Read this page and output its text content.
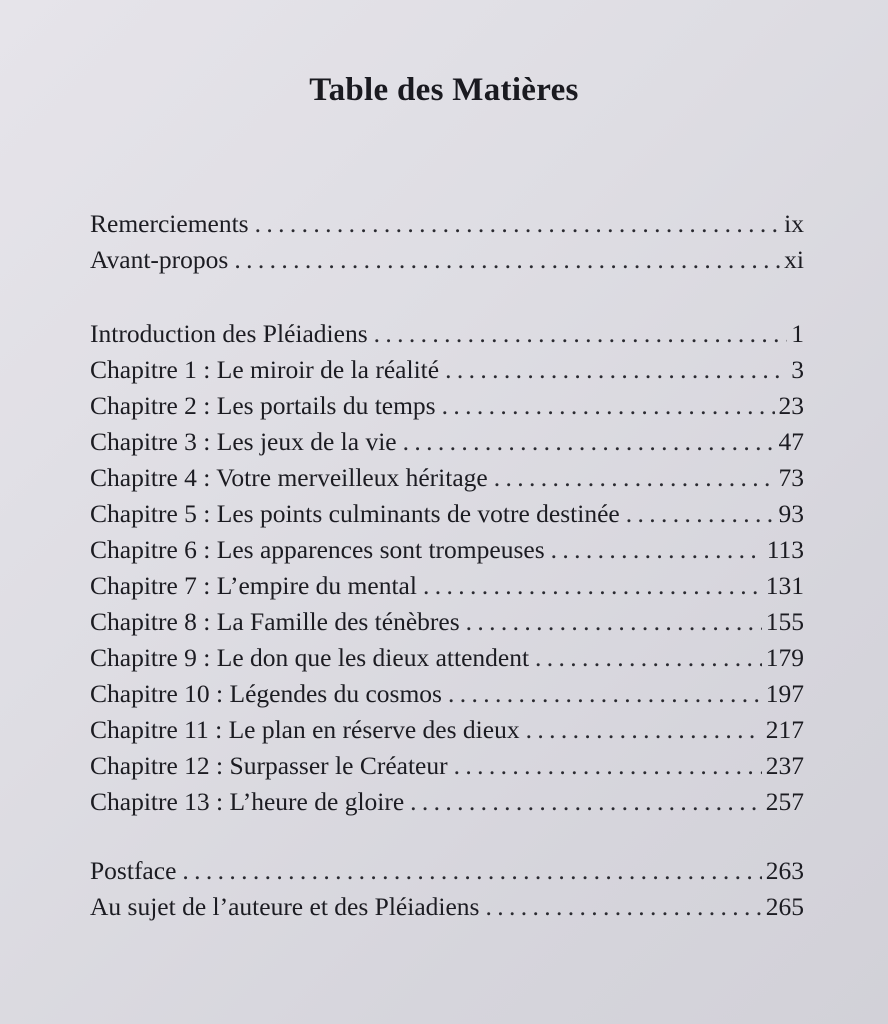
Table des Matières
Remerciements . . .	ix
Avant-propos . . .	xi
Introduction des Pléiadiens . . .	1
Chapitre 1 : Le miroir de la réalité . . .	3
Chapitre 2 : Les portails du temps . . .	23
Chapitre 3 : Les jeux de la vie . . .	47
Chapitre 4 : Votre merveilleux héritage . . .	73
Chapitre 5 : Les points culminants de votre destinée . . .	93
Chapitre 6 : Les apparences sont trompeuses . . .	113
Chapitre 7 : L’empire du mental . . .	131
Chapitre 8 : La Famille des ténèbres . . .	155
Chapitre 9 : Le don que les dieux attendent . . .	179
Chapitre 10 : Légendes du cosmos . . .	197
Chapitre 11 : Le plan en réserve des dieux . . .	217
Chapitre 12 : Surpasser le Créateur . . .	237
Chapitre 13 : L’heure de gloire . . .	257
Postface . . .	263
Au sujet de l’auteure et des Pléiadiens . . .	265
